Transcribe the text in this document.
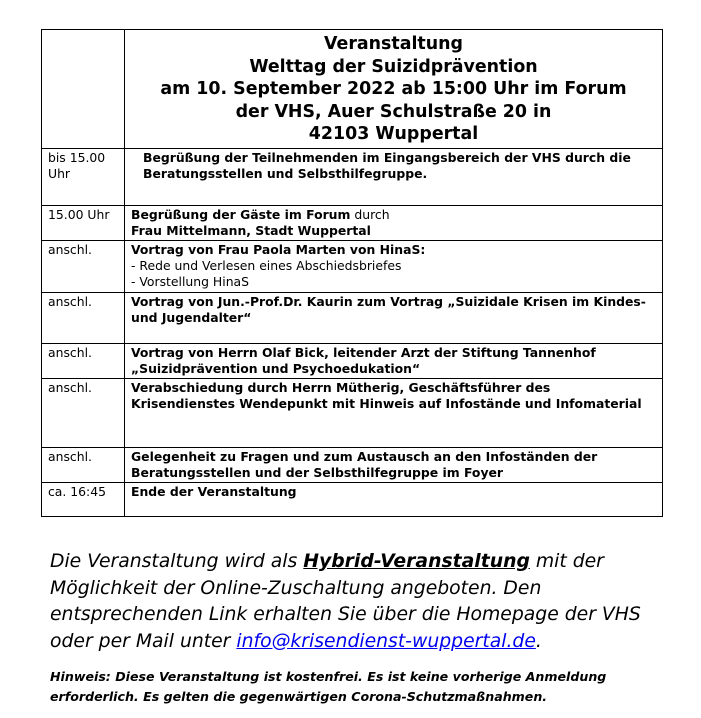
	Veranstaltung
Welttag der Suizidprävention
am 10. September 2022 ab 15:00 Uhr im Forum
der VHS, Auer Schulstraße 20 in
42103 Wuppertal

bis 15.00 Uhr	Begrüßung der Teilnehmenden im Eingangsbereich der VHS durch die Beratungsstellen und Selbsthilfegruppe.
15.00 Uhr	Begrüßung der Gäste im Forum durch
Frau Mittelmann, Stadt Wuppertal
anschl.	Vortrag von Frau Paola Marten von HinaS:
- Rede und Verlesen eines Abschiedsbriefes
- Vorstellung HinaS
anschl.	Vortrag von Jun.-Prof.Dr. Kaurin zum Vortrag „Suizidale Krisen im Kindes- und Jugendalter“
anschl.	Vortrag von Herrn Olaf Bick, leitender Arzt der Stiftung Tannenhof „Suizidprävention und Psychoedukation“
anschl.	Verabschiedung durch Herrn Mütherig, Geschäftsführer des Krisendienstes Wendepunkt mit Hinweis auf Infostände und Infomaterial
anschl.	Gelegenheit zu Fragen und zum Austausch an den Infoständen der Beratungsstellen und der Selbsthilfegruppe im Foyer
ca. 16:45	Ende der Veranstaltung
Die Veranstaltung wird als Hybrid-Veranstaltung mit der Möglichkeit der Online-Zuschaltung angeboten. Den entsprechenden Link erhalten Sie über die Homepage der VHS oder per Mail unter info@krisendienst-wuppertal.de.
Hinweis: Diese Veranstaltung ist kostenfrei. Es ist keine vorherige Anmeldung erforderlich. Es gelten die gegenwärtigen Corona-Schutzmaßnahmen.
